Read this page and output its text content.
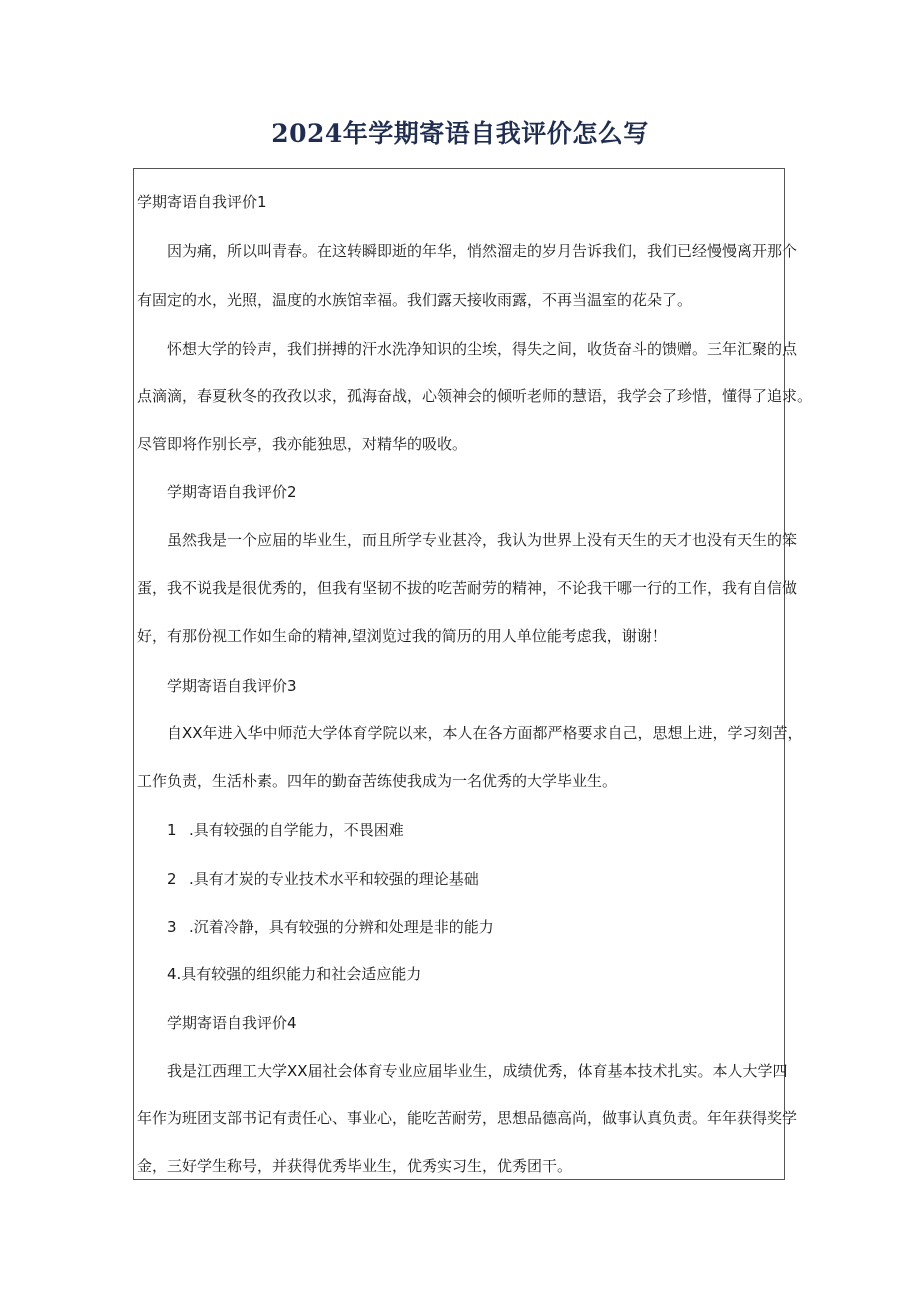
2024年学期寄语自我评价怎么写
学期寄语自我评价1
因为痛，所以叫青春。在这转瞬即逝的年华，悄然溜走的岁月告诉我们，我们已经慢慢离开那个
有固定的水，光照，温度的水族馆幸福。我们露天接收雨露，不再当温室的花朵了。
怀想大学的铃声，我们拼搏的汗水洗净知识的尘埃，得失之间，收货奋斗的馈赠。三年汇聚的点
点滴滴，春夏秋冬的孜孜以求，孤海奋战，心领神会的倾听老师的慧语，我学会了珍惜，懂得了追求。
尽管即将作别长亭，我亦能独思，对精华的吸收。
学期寄语自我评价2
虽然我是一个应届的毕业生，而且所学专业甚冷，我认为世界上没有天生的天才也没有天生的笨
蛋，我不说我是很优秀的，但我有坚韧不拔的吃苦耐劳的精神，不论我干哪一行的工作，我有自信做
好，有那份视工作如生命的精神,望浏览过我的简历的用人单位能考虑我，谢谢！
学期寄语自我评价3
自XX年进入华中师范大学体育学院以来，本人在各方面都严格要求自己，思想上进，学习刻苦，
工作负责，生活朴素。四年的勤奋苦练使我成为一名优秀的大学毕业生。
1 .具有较强的自学能力，不畏困难
2 .具有才炭的专业技术水平和较强的理论基础
3 .沉着冷静，具有较强的分辨和处理是非的能力
4.具有较强的组织能力和社会适应能力
学期寄语自我评价4
我是江西理工大学XX届社会体育专业应届毕业生，成绩优秀，体育基本技术扎实。本人大学四
年作为班团支部书记有责任心、事业心，能吃苦耐劳，思想品德高尚，做事认真负责。年年获得奖学
金，三好学生称号，并获得优秀毕业生，优秀实习生，优秀团干。
